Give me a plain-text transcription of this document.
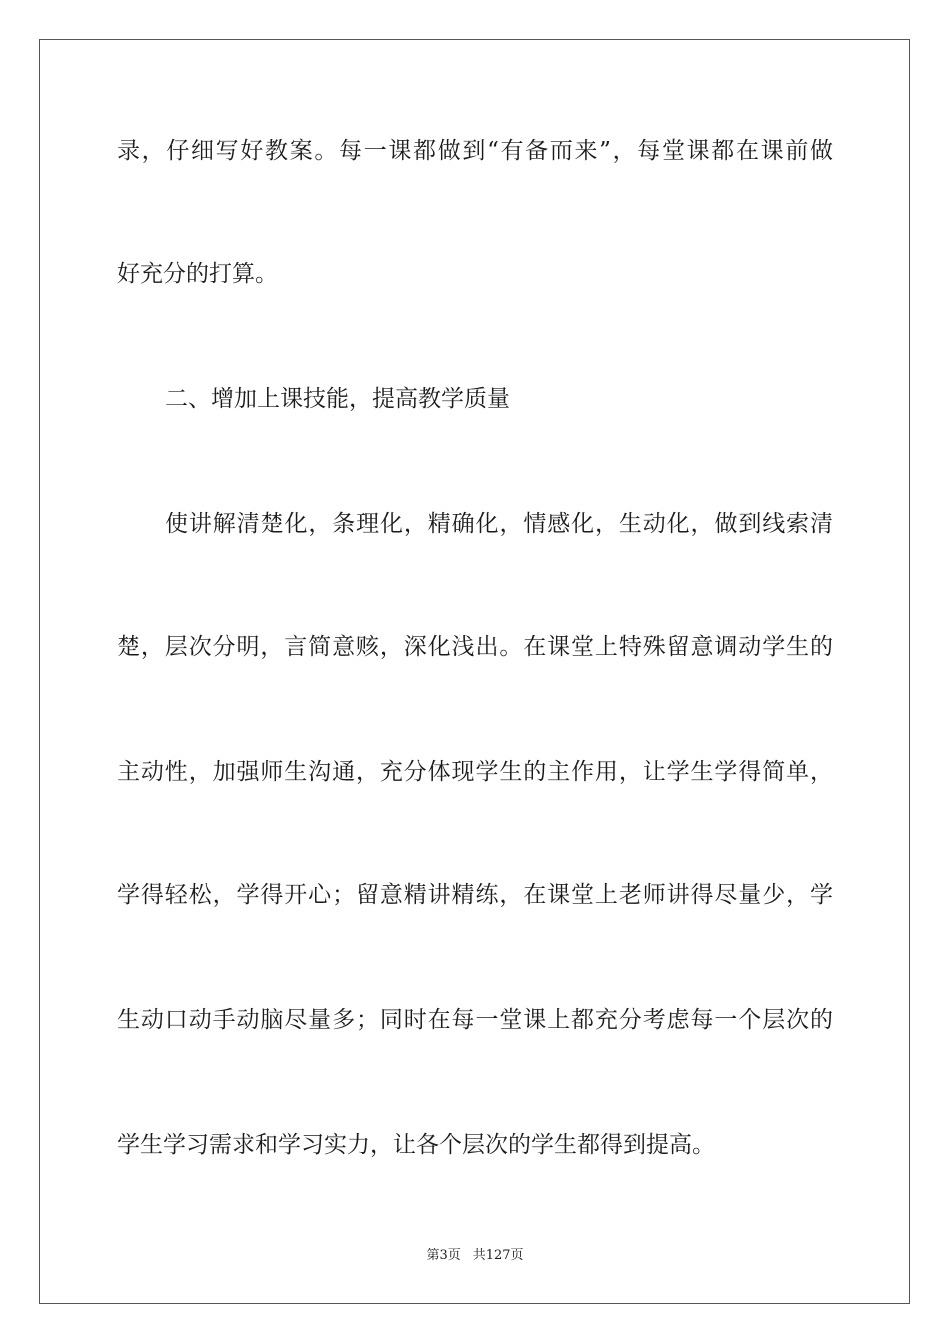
录，仔细写好教案。每一课都做到“有备而来”，每堂课都在课前做
好充分的打算。
二、增加上课技能，提高教学质量
使讲解清楚化，条理化，精确化，情感化，生动化，做到线索清
楚，层次分明，言简意赅，深化浅出。在课堂上特殊留意调动学生的
主动性，加强师生沟通，充分体现学生的主作用，让学生学得简单，
学得轻松，学得开心；留意精讲精练，在课堂上老师讲得尽量少，学
生动口动手动脑尽量多；同时在每一堂课上都充分考虑每一个层次的
学生学习需求和学习实力，让各个层次的学生都得到提高。
第3页 共127页
